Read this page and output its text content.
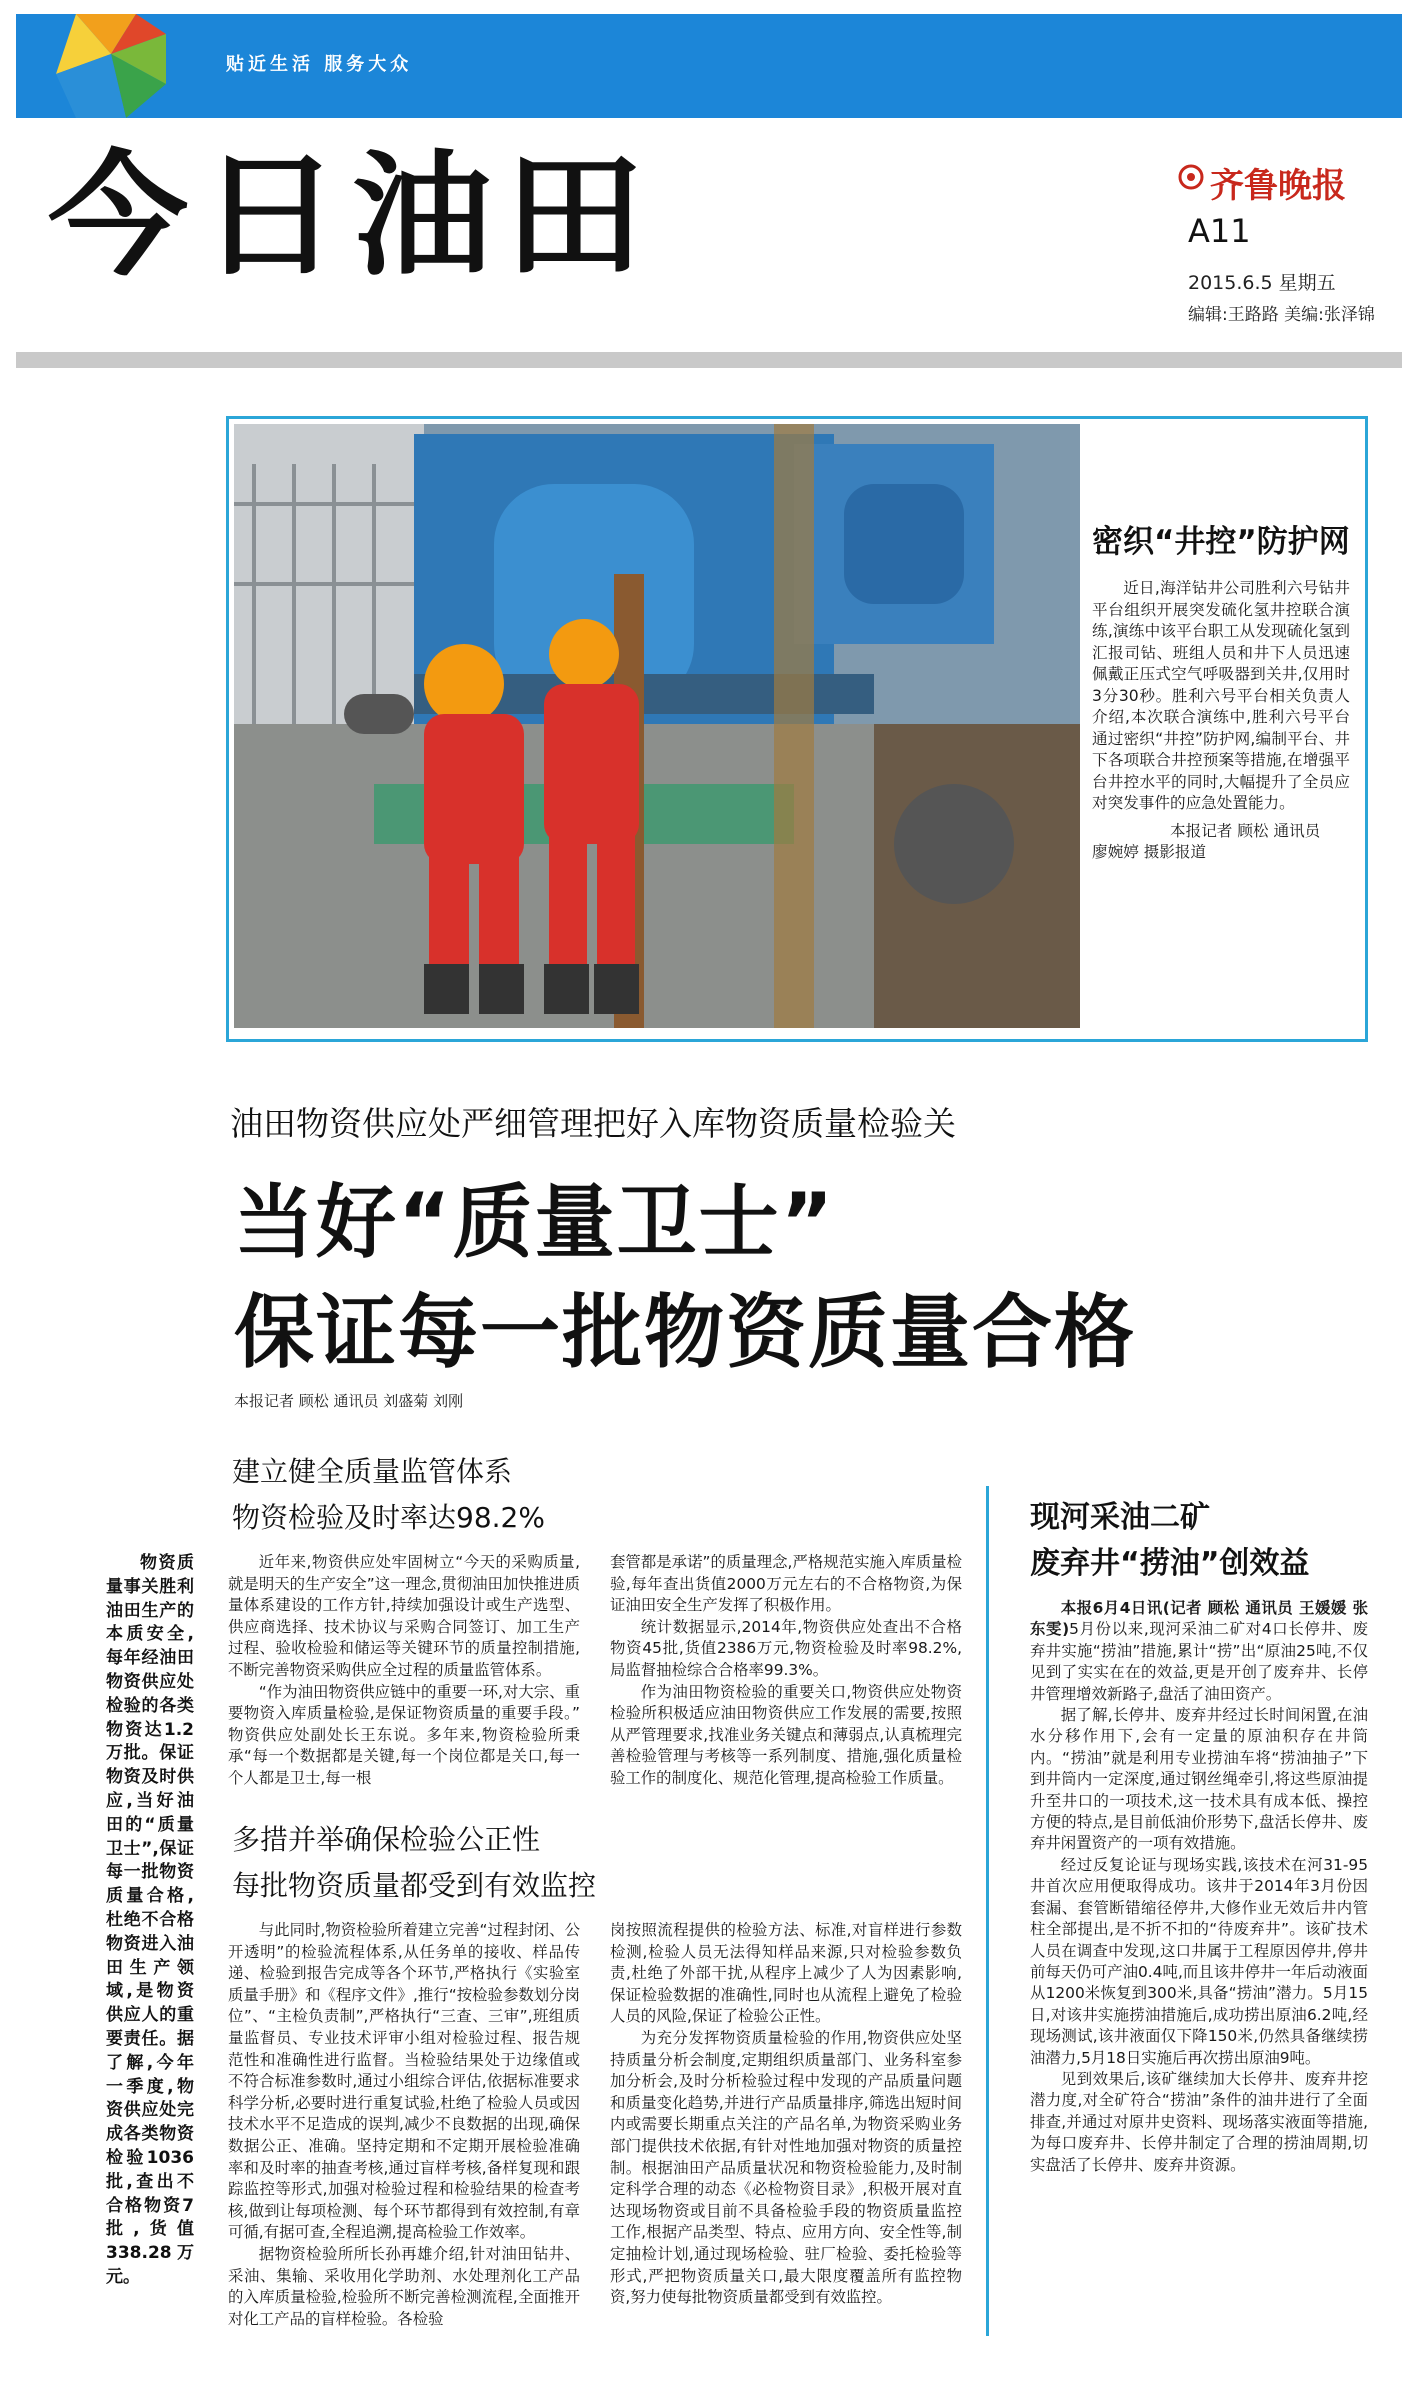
贴近生活 服务大众
今日油田	齐鲁晚报
A11
2015.6.5 星期五
编辑:王路路 美编:张泽锦
密织“井控”防护网
近日,海洋钻井公司胜利六号钻井平台组织开展突发硫化氢井控联合演练,演练中该平台职工从发现硫化氢到汇报司钻、班组人员和井下人员迅速佩戴正压式空气呼吸器到关井,仅用时3分30秒。胜利六号平台相关负责人介绍,本次联合演练中,胜利六号平台通过密织“井控”防护网,编制平台、井下各项联合井控预案等措施,在增强平台井控水平的同时,大幅提升了全员应对突发事件的应急处置能力。
本报记者 顾松 通讯员
廖婉婷 摄影报道
油田物资供应处严细管理把好入库物资质量检验关
当好“质量卫士”
保证每一批物资质量合格
本报记者 顾松 通讯员 刘盛菊 刘刚
物资质量事关胜利油田生产的本质安全,每年经油田物资供应处检验的各类物资达1.2万批。保证物资及时供应,当好油田的“质量卫士”,保证每一批物资质量合格,杜绝不合格物资进入油田生产领域,是物资供应人的重要责任。据了解,今年一季度,物资供应处完成各类物资检验1036批,查出不合格物资7批,货值338.28万元。
建立健全质量监管体系
物资检验及时率达98.2%

近年来,物资供应处牢固树立“今天的采购质量,就是明天的生产安全”这一理念,贯彻油田加快推进质量体系建设的工作方针,持续加强设计或生产选型、供应商选择、技术协议与采购合同签订、加工生产过程、验收检验和储运等关键环节的质量控制措施,不断完善物资采购供应全过程的质量监管体系。

“作为油田物资供应链中的重要一环,对大宗、重要物资入库质量检验,是保证物资质量的重要手段。” 物资供应处副处长王东说。多年来,物资检验所秉承“每一个数据都是关键,每一个岗位都是关口,每一个人都是卫士,每一根

套管都是承诺”的质量理念,严格规范实施入库质量检验,每年查出货值2000万元左右的不合格物资,为保证油田安全生产发挥了积极作用。

统计数据显示,2014年,物资供应处查出不合格物资45批,货值2386万元,物资检验及时率98.2%,局监督抽检综合合格率99.3%。

作为油田物资检验的重要关口,物资供应处物资检验所积极适应油田物资供应工作发展的需要,按照从严管理要求,找准业务关键点和薄弱点,认真梳理完善检验管理与考核等一系列制度、措施,强化质量检验工作的制度化、规范化管理,提高检验工作质量。

多措并举确保检验公正性
每批物资质量都受到有效监控

与此同时,物资检验所着建立完善“过程封闭、公开透明”的检验流程体系,从任务单的接收、样品传递、检验到报告完成等各个环节,严格执行《实验室质量手册》和《程序文件》,推行“按检验参数划分岗位”、“主检负责制”,严格执行“三查、三审”,班组质量监督员、专业技术评审小组对检验过程、报告规范性和准确性进行监督。当检验结果处于边缘值或不符合标准参数时,通过小组综合评估,依据标准要求科学分析,必要时进行重复试验,杜绝了检验人员或因技术水平不足造成的误判,减少不良数据的出现,确保数据公正、准确。坚持定期和不定期开展检验准确率和及时率的抽查考核,通过盲样考核,备样复现和跟踪监控等形式,加强对检验过程和检验结果的检查考核,做到让每项检测、每个环节都得到有效控制,有章可循,有据可查,全程追溯,提高检验工作效率。

据物资检验所所长孙再雄介绍,针对油田钻井、采油、集输、采收用化学助剂、水处理剂化工产品的入库质量检验,检验所不断完善检测流程,全面推开对化工产品的盲样检验。各检验

岗按照流程提供的检验方法、标准,对盲样进行参数检测,检验人员无法得知样品来源,只对检验参数负责,杜绝了外部干扰,从程序上减少了人为因素影响,保证检验数据的准确性,同时也从流程上避免了检验人员的风险,保证了检验公正性。

为充分发挥物资质量检验的作用,物资供应处坚持质量分析会制度,定期组织质量部门、业务科室参加分析会,及时分析检验过程中发现的产品质量问题和质量变化趋势,并进行产品质量排序,筛选出短时间内或需要长期重点关注的产品名单,为物资采购业务部门提供技术依据,有针对性地加强对物资的质量控制。根据油田产品质量状况和物资检验能力,及时制定科学合理的动态《必检物资目录》,积极开展对直达现场物资或目前不具备检验手段的物资质量监控工作,根据产品类型、特点、应用方向、安全性等,制定抽检计划,通过现场检验、驻厂检验、委托检验等形式,严把物资质量关口,最大限度覆盖所有监控物资,努力使每批物资质量都受到有效监控。

现河采油二矿
废弃井“捞油”创效益

本报6月4日讯(记者 顾松 通讯员 王媛媛 张东雯)5月份以来,现河采油二矿对4口长停井、废弃井实施“捞油”措施,累计“捞”出“原油25吨,不仅见到了实实在在的效益,更是开创了废弃井、长停井管理增效新路子,盘活了油田资产。

据了解,长停井、废弃井经过长时间闲置,在油水分移作用下,会有一定量的原油积存在井筒内。“捞油”就是利用专业捞油车将“捞油抽子”下到井筒内一定深度,通过钢丝绳牵引,将这些原油提升至井口的一项技术,这一技术具有成本低、操控方便的特点,是目前低油价形势下,盘活长停井、废弃井闲置资产的一项有效措施。

经过反复论证与现场实践,该技术在河31-95井首次应用便取得成功。该井于2014年3月份因套漏、套管断错缩径停井,大修作业无效后井内管柱全部提出,是不折不扣的“待废弃井”。该矿技术人员在调查中发现,这口井属于工程原因停井,停井前每天仍可产油0.4吨,而且该井停井一年后动液面从1200米恢复到300米,具备“捞油”潜力。5月15日,对该井实施捞油措施后,成功捞出原油6.2吨,经现场测试,该井液面仅下降150米,仍然具备继续捞油潜力,5月18日实施后再次捞出原油9吨。

见到效果后,该矿继续加大长停井、废弃井挖潜力度,对全矿符合“捞油”条件的油井进行了全面排查,并通过对原井史资料、现场落实液面等措施,为每口废弃井、长停井制定了合理的捞油周期,切实盘活了长停井、废弃井资源。
